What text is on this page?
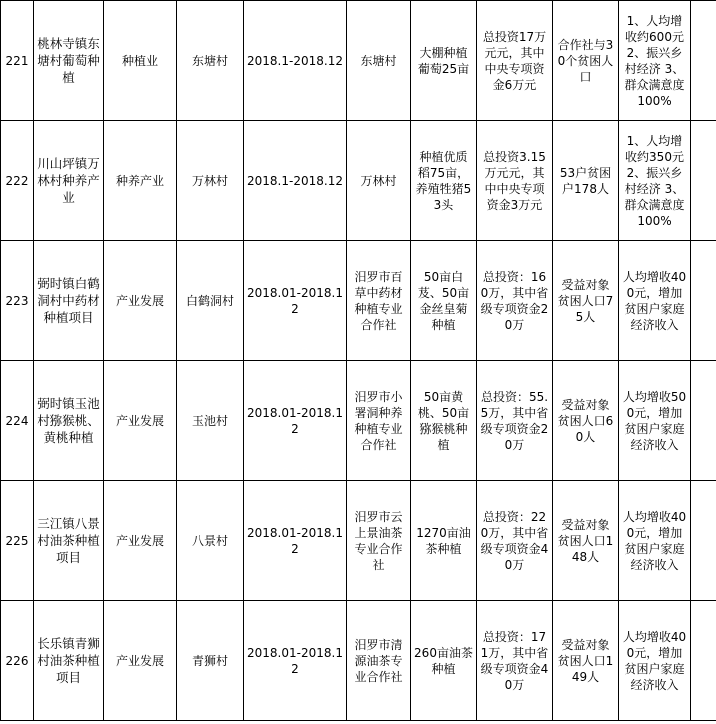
221	桃林寺镇东塘村葡萄种植	种植业	东塘村	2018.1-2018.12	东塘村	大棚种植葡萄25亩	总投资17万元元，其中中央专项资金6万元	合作社与30个贫困人口	1、人均增收约600元 2、振兴乡村经济 3、群众满意度100%	
222	川山坪镇万林村种养产业	种养产业	万林村	2018.1-2018.12	万林村	种植优质稻75亩，养殖牲猪53头	总投资3.15万元元，其中中央专项资金3万元	53户贫困户178人	1、人均增收约350元 2、振兴乡村经济 3、群众满意度100%	
223	弼时镇白鹤洞村中药材种植项目	产业发展	白鹤洞村	2018.01-2018.12	汨罗市百草中药材种植专业合作社	50亩白芨、50亩金丝皇菊种植	总投资：160万，其中省级专项资金20万	受益对象贫困人口75人	人均增收400元，增加贫困户家庭经济收入	
224	弼时镇玉池村猕猴桃、黄桃种植	产业发展	玉池村	2018.01-2018.12	汨罗市小署洞种养种植专业合作社	50亩黄桃、50亩猕猴桃种植	总投资：55.5万，其中省级专项资金20万	受益对象贫困人口60人	人均增收500元，增加贫困户家庭经济收入	
225	三江镇八景村油茶种植项目	产业发展	八景村	2018.01-2018.12	汨罗市云上景油茶专业合作社	1270亩油茶种植	总投资：220万，其中省级专项资金40万	受益对象贫困人口148人	人均增收400元，增加贫困户家庭经济收入	
226	长乐镇青狮村油茶种植项目	产业发展	青狮村	2018.01-2018.12	汨罗市清源油茶专业合作社	260亩油茶种植	总投资：171万，其中省级专项资金40万	受益对象贫困人口149人	人均增收400元，增加贫困户家庭经济收入	
